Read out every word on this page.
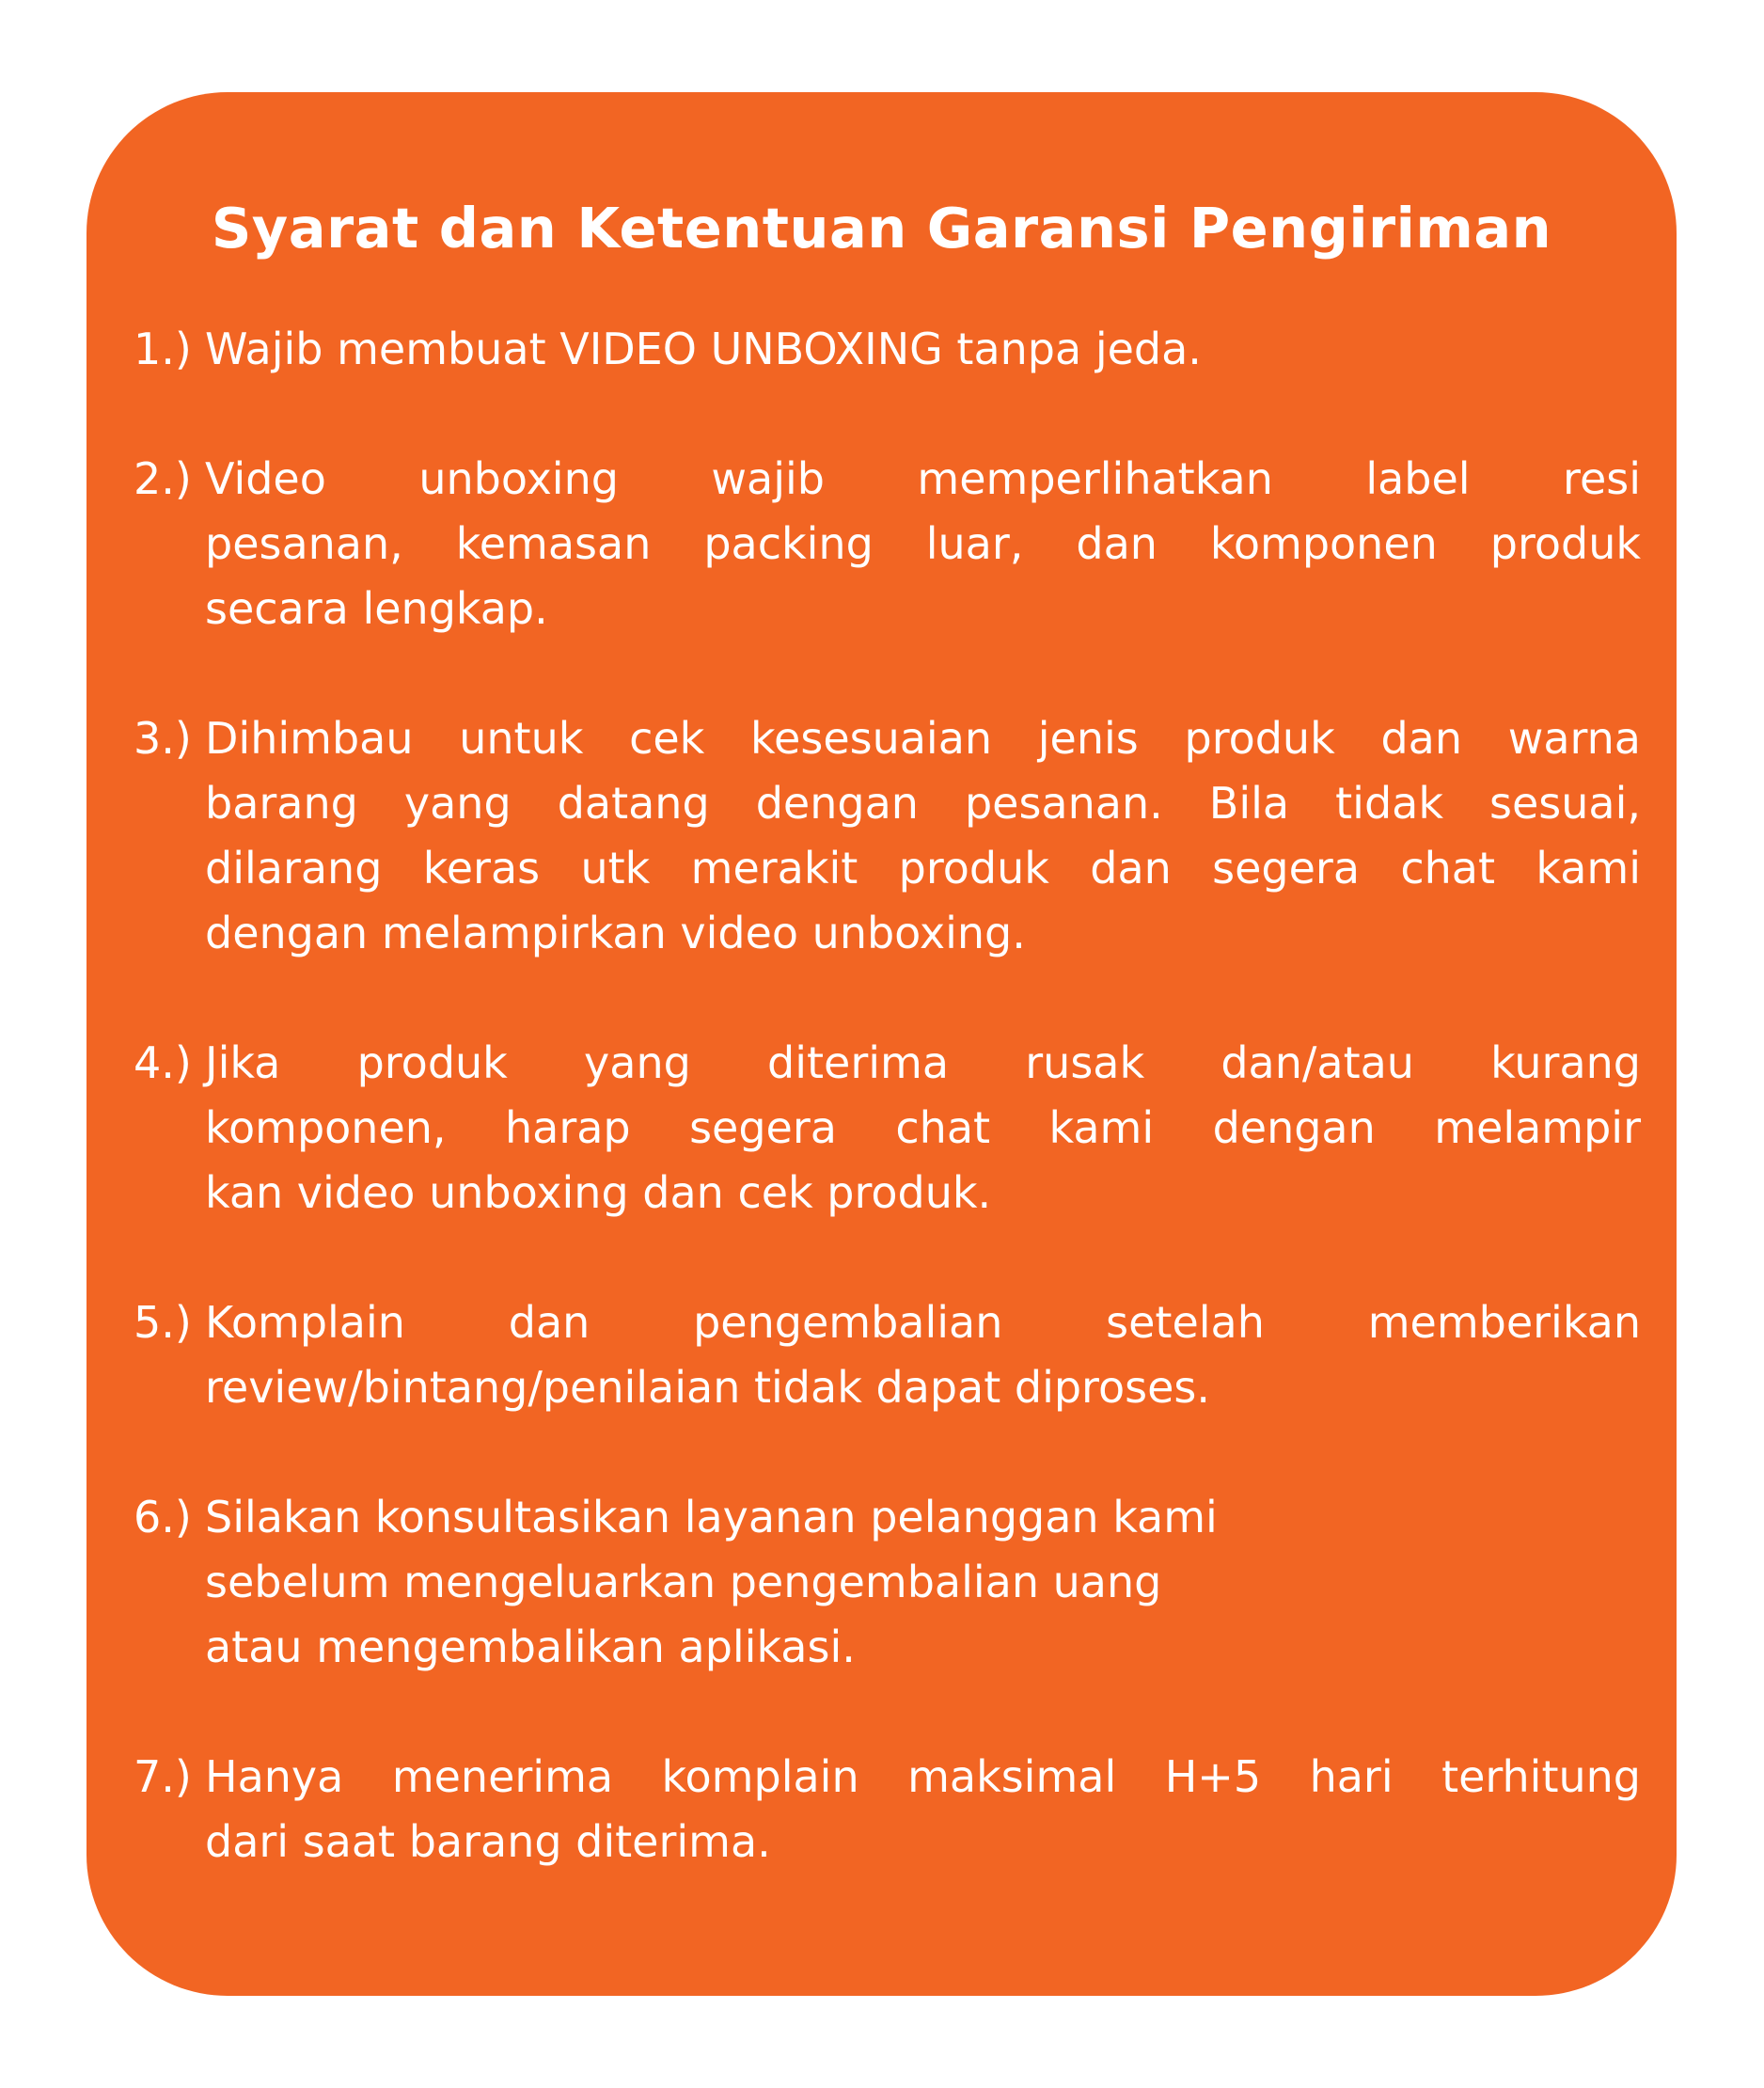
Syarat dan Ketentuan Garansi Pengiriman
1.) Wajib membuat VIDEO UNBOXING tanpa jeda.
2.) Video unboxing wajib memperlihatkan label resi
pesanan, kemasan packing luar, dan komponen produk
secara lengkap.
3.) Dihimbau untuk cek kesesuaian jenis produk dan warna
barang yang datang dengan pesanan. Bila tidak sesuai,
dilarang keras utk merakit produk dan segera chat kami
dengan melampirkan video unboxing.
4.) Jika produk yang diterima rusak dan/atau kurang
komponen, harap segera chat kami dengan melampir
kan video unboxing dan cek produk.
5.) Komplain dan pengembalian setelah memberikan
review/bintang/penilaian tidak dapat diproses.
6.) Silakan konsultasikan layanan pelanggan kami
sebelum mengeluarkan pengembalian uang
atau mengembalikan aplikasi.
7.) Hanya menerima komplain maksimal H+5 hari terhitung
dari saat barang diterima.
